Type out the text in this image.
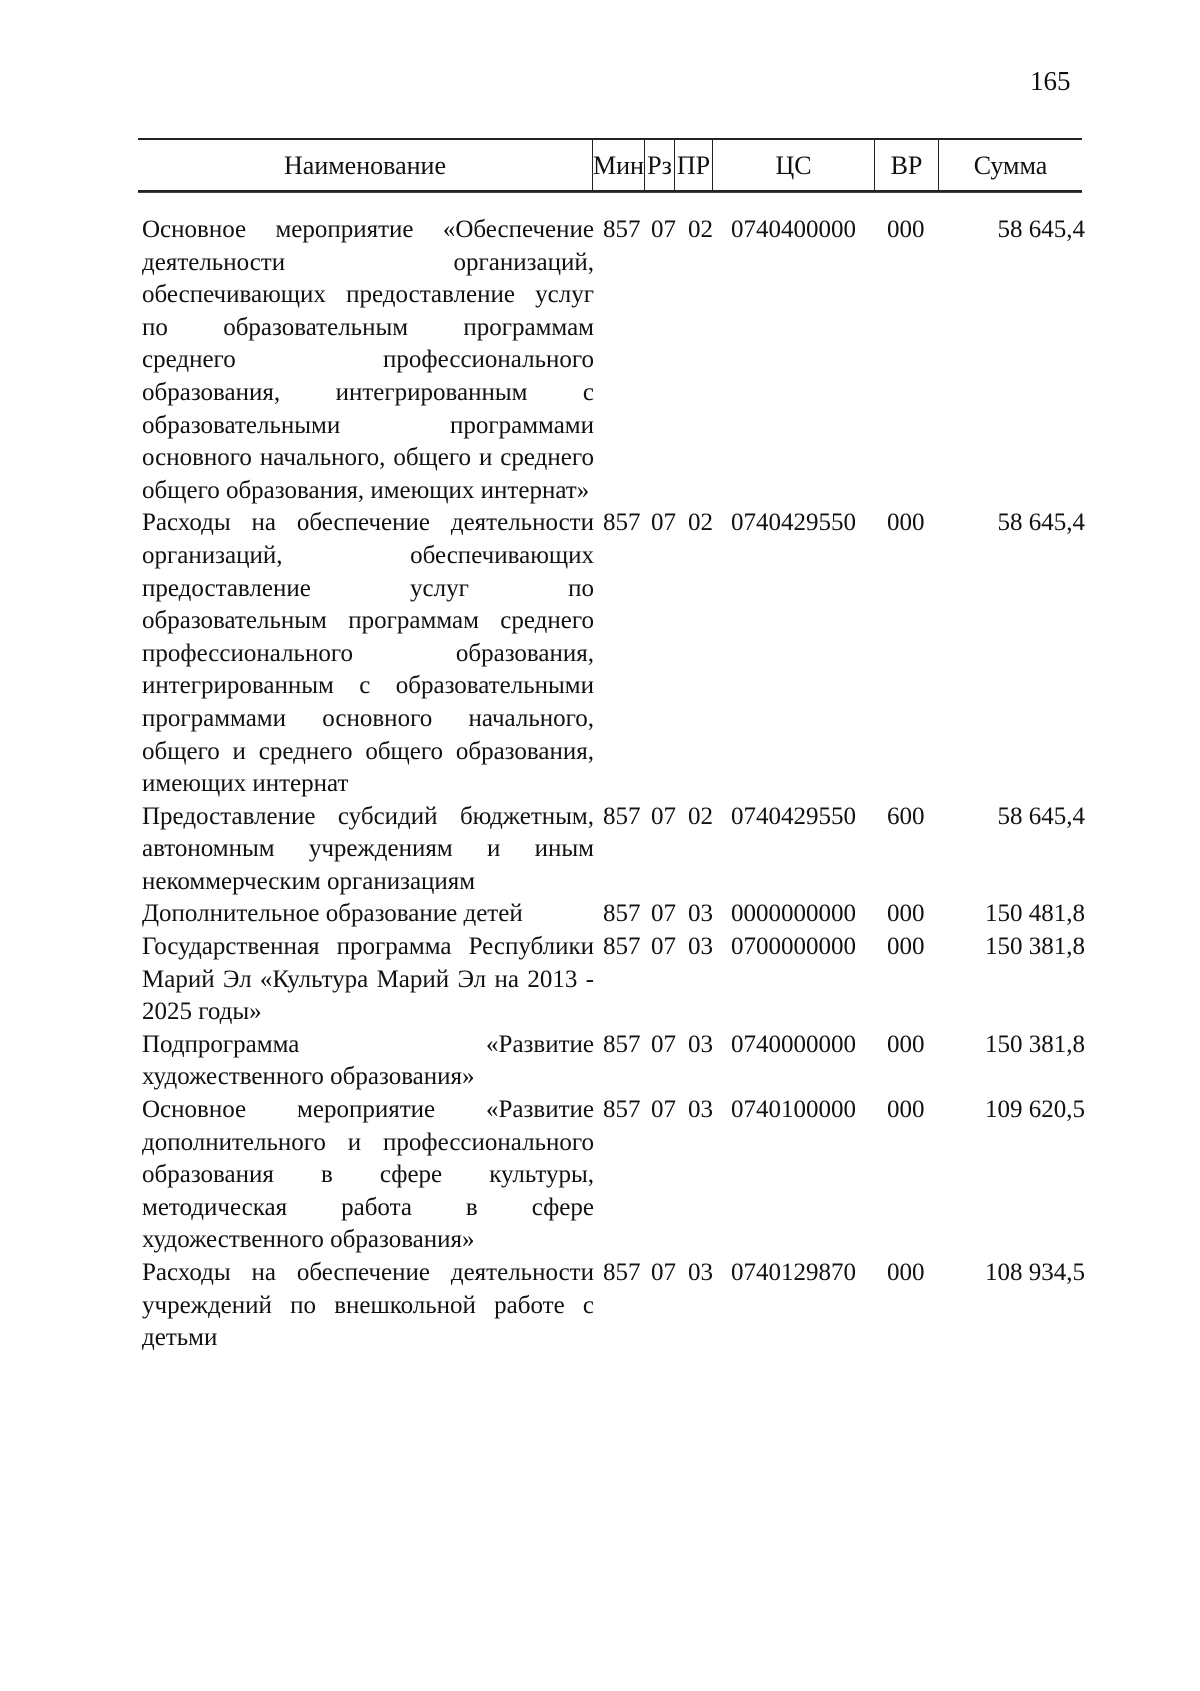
165
Наименование	Мин Рз ПР	ЦС	ВР	Сумма
Основное мероприятие «Обеспечение деятельности организаций, обеспечивающих предоставление услуг по образовательным программам среднего профессионального образования, интегрированным с образовательными программами основного начального, общего и среднего общего образования, имеющих интернат»
857 07 02 0740400000 000	58 645,4
Расходы на обеспечение деятельности организаций, обеспечивающих предоставление услуг по образовательным программам среднего профессионального образования, интегрированным с образовательными программами основного начального, общего и среднего общего образования, имеющих интернат
857 07 02 0740429550 000	58 645,4
Предоставление субсидий бюджетным, автономным учреждениям и иным некоммерческим организациям
857 07 02 0740429550 600	58 645,4
Дополнительное образование детей	857 07 03 0000000000 000	150 481,8
Государственная программа Республики Марий Эл «Культура Марий Эл на 2013 - 2025 годы»
857 07 03 0700000000 000	150 381,8
Подпрограмма «Развитие художественного образования»
857 07 03 0740000000 000	150 381,8
Основное мероприятие «Развитие дополнительного и профессионального образования в сфере культуры, методическая работа в сфере художественного образования»
857 07 03 0740100000 000	109 620,5
Расходы на обеспечение деятельности учреждений по внешкольной работе с детьми
857 07 03 0740129870 000	108 934,5
